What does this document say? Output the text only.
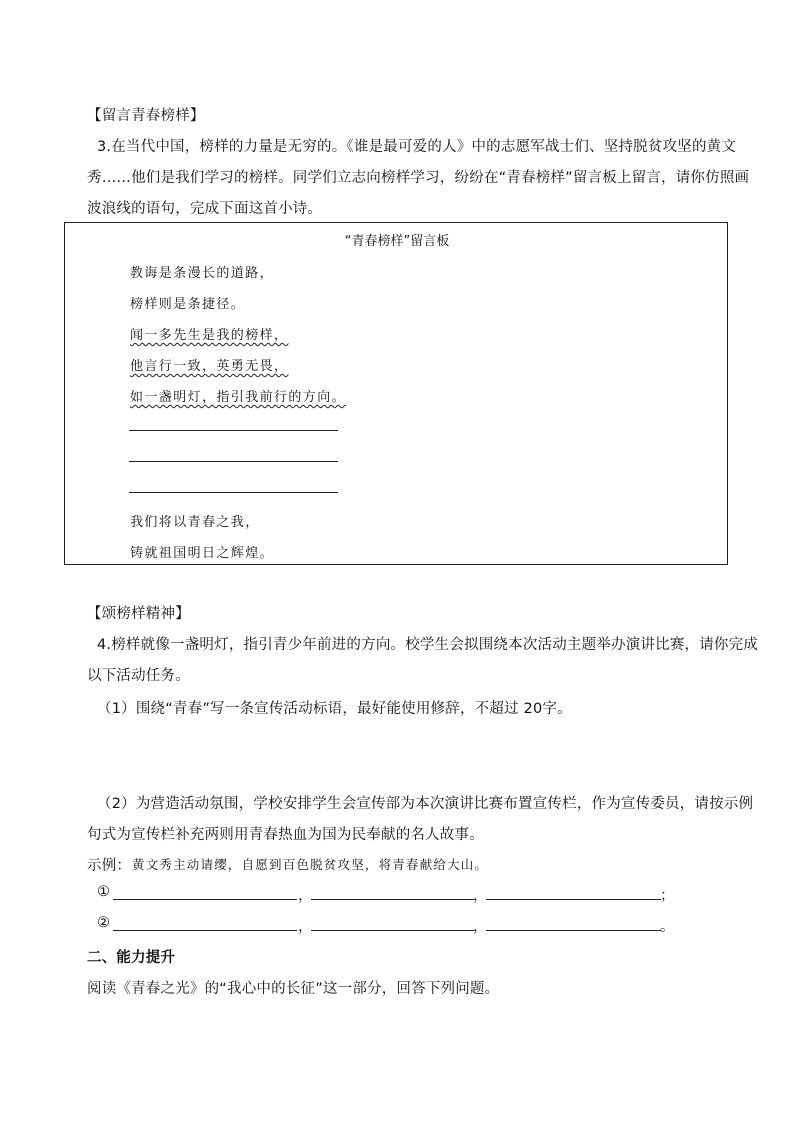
【留言青春榜样】
3.在当代中国，榜样的力量是无穷的。《谁是最可爱的人》中的志愿军战士们、坚持脱贫攻坚的黄文
秀……他们是我们学习的榜样。同学们立志向榜样学习，纷纷在“青春榜样”留言板上留言，请你仿照画
波浪线的语句，完成下面这首小诗。
“青春榜样”留言板
教诲是条漫长的道路，
榜样则是条捷径。
闻一多先生是我的榜样，
他言行一致，英勇无畏，
如一盏明灯，指引我前行的方向。
我们将以青春之我，
铸就祖国明日之辉煌。
【颂榜样精神】
4.榜样就像一盏明灯，指引青少年前进的方向。校学生会拟围绕本次活动主题举办演讲比赛，请你完成
以下活动任务。
（1）围绕“青春”写一条宣传活动标语，最好能使用修辞，不超过 20字。
（2）为营造活动氛围，学校安排学生会宣传部为本次演讲比赛布置宣传栏，作为宣传委员，请按示例
句式为宣传栏补充两则用青春热血为国为民奉献的名人故事。
示例： 黄文秀主动请缨，自愿到百色脱贫攻坚，将青春献给大山。
①	，	，	；
②	，	，	。
二、能力提升
阅读《青春之光》的“我心中的长征”这一部分，回答下列问题。
